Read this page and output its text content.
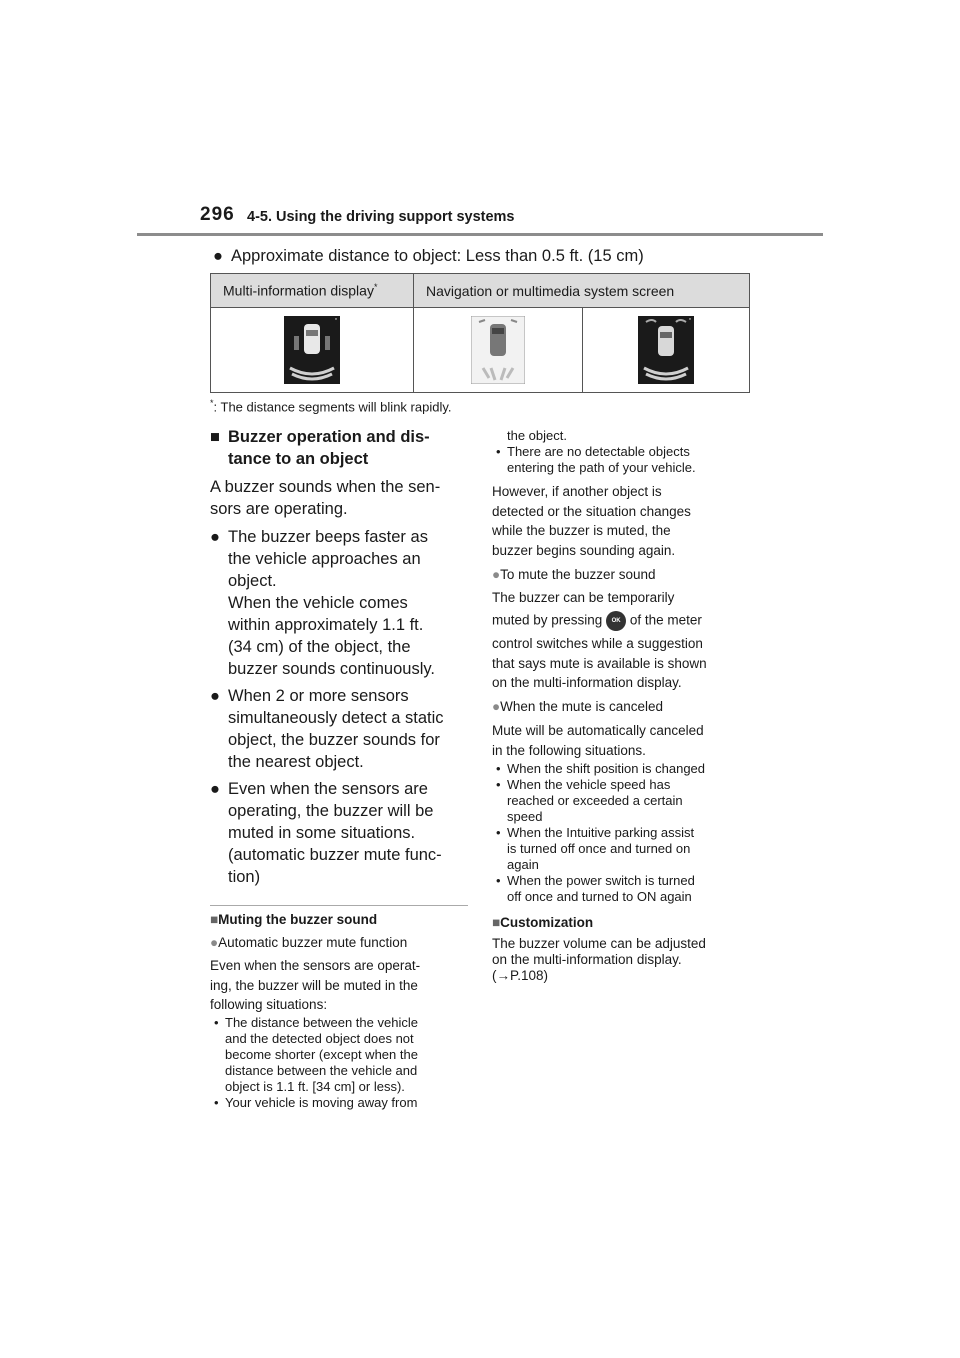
296 4-5. Using the driving support systems
● Approximate distance to object: Less than 0.5 ft. (15 cm)
Multi-information display*	Navigation or multimedia system screen	

*		*
*: The distance segments will blink rapidly.
■ Buzzer operation and dis-
tance to an object
A buzzer sounds when the sen-
sors are operating.
● The buzzer beeps faster as
the vehicle approaches an
object.
When the vehicle comes
within approximately 1.1 ft.
(34 cm) of the object, the
buzzer sounds continuously.
● When 2 or more sensors
simultaneously detect a static
object, the buzzer sounds for
the nearest object.
● Even when the sensors are
operating, the buzzer will be
muted in some situations.
(automatic buzzer mute func-
tion)
■Muting the buzzer sound
●Automatic buzzer mute function
Even when the sensors are operat-
ing, the buzzer will be muted in the
following situations:
• The distance between the vehicle
and the detected object does not
become shorter (except when the
distance between the vehicle and
object is 1.1 ft. [34 cm] or less).
• Your vehicle is moving away from
the object.
• There are no detectable objects
entering the path of your vehicle.
However, if another object is
detected or the situation changes
while the buzzer is muted, the
buzzer begins sounding again.
●To mute the buzzer sound
The buzzer can be temporarily
muted by pressing OK of the meter
control switches while a suggestion
that says mute is available is shown
on the multi-information display.
●When the mute is canceled
Mute will be automatically canceled
in the following situations.
• When the shift position is changed
• When the vehicle speed has
reached or exceeded a certain
speed
• When the Intuitive parking assist
is turned off once and turned on
again
• When the power switch is turned
off once and turned to ON again
■Customization
The buzzer volume can be adjusted
on the multi-information display.
(→P.108)
